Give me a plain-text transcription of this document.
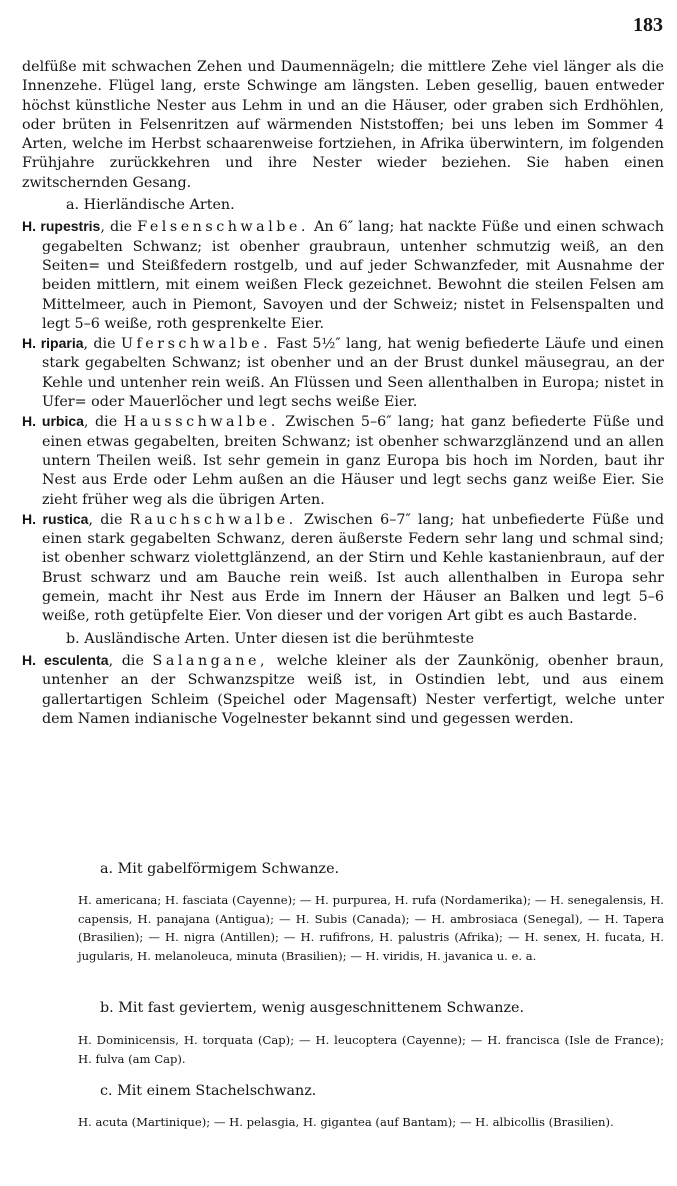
183

delfüße mit schwachen Zehen und Daumennägeln; die mittlere Zehe viel länger als die Innenzehe. Flügel lang, erste Schwinge am längsten. Leben gesellig, bauen entweder höchst künstliche Nester aus Lehm in und an die Häuser, oder graben sich Erdhöhlen, oder brüten in Felsenritzen auf wärmenden Niststoffen; bei uns leben im Sommer 4 Arten, welche im Herbst schaarenweise fortziehen, in Afrika überwintern, im folgenden Frühjahre zurückkehren und ihre Nester wieder beziehen. Sie haben einen zwitschernden Gesang.

a. Hierländische Arten.

H. rupestris, die Felsenschwalbe. An 6″ lang; hat nackte Füße und einen schwach gegabelten Schwanz; ist obenher graubraun, untenher schmutzig weiß, an den Seiten= und Steißfedern rostgelb, und auf jeder Schwanzfeder, mit Ausnahme der beiden mittlern, mit einem weißen Fleck gezeichnet. Bewohnt die steilen Felsen am Mittelmeer, auch in Piemont, Savoyen und der Schweiz; nistet in Felsenspalten und legt 5–6 weiße, roth gesprenkelte Eier.

H. riparia, die Uferschwalbe. Fast 5½″ lang, hat wenig befiederte Läufe und einen stark gegabelten Schwanz; ist obenher und an der Brust dunkel mäusegrau, an der Kehle und untenher rein weiß. An Flüssen und Seen allenthalben in Europa; nistet in Ufer= oder Mauerlöcher und legt sechs weiße Eier.

H. urbica, die Hausschwalbe. Zwischen 5–6″ lang; hat ganz befiederte Füße und einen etwas gegabelten, breiten Schwanz; ist obenher schwarzglänzend und an allen untern Theilen weiß. Ist sehr gemein in ganz Europa bis hoch im Norden, baut ihr Nest aus Erde oder Lehm außen an die Häuser und legt sechs ganz weiße Eier. Sie zieht früher weg als die übrigen Arten.

H. rustica, die Rauchschwalbe. Zwischen 6–7″ lang; hat unbefiederte Füße und einen stark gegabelten Schwanz, deren äußerste Federn sehr lang und schmal sind; ist obenher schwarz violettglänzend, an der Stirn und Kehle kastanienbraun, auf der Brust schwarz und am Bauche rein weiß. Ist auch allenthalben in Europa sehr gemein, macht ihr Nest aus Erde im Innern der Häuser an Balken und legt 5–6 weiße, roth getüpfelte Eier. Von dieser und der vorigen Art gibt es auch Bastarde.

b. Ausländische Arten. Unter diesen ist die berühmteste

H. esculenta, die Salangane, welche kleiner als der Zaunkönig, obenher braun, untenher an der Schwanzspitze weiß ist, in Ostindien lebt, und aus einem gallertartigen Schleim (Speichel oder Magensaft) Nester verfertigt, welche unter dem Namen indianische Vogelnester bekannt sind und gegessen werden.

a. Mit gabelförmigem Schwanze.

H. americana; H. fasciata (Cayenne); — H. purpurea, H. rufa (Nordamerika); — H. senegalensis, H. capensis, H. panajana (Antigua); — H. Subis (Canada); — H. ambrosiaca (Senegal), — H. Tapera (Brasilien); — H. nigra (Antillen); — H. rufifrons, H. palustris (Afrika); — H. senex, H. fucata, H. jugularis, H. melanoleuca, minuta (Brasilien); — H. viridis, H. javanica u. e. a.

b. Mit fast geviertem, wenig ausgeschnittenem Schwanze.

H. Dominicensis, H. torquata (Cap); — H. leucoptera (Cayenne); — H. francisca (Isle de France); H. fulva (am Cap).

c. Mit einem Stachelschwanz.

H. acuta (Martinique); — H. pelasgia, H. gigantea (auf Bantam); — H. albicollis (Brasilien).
